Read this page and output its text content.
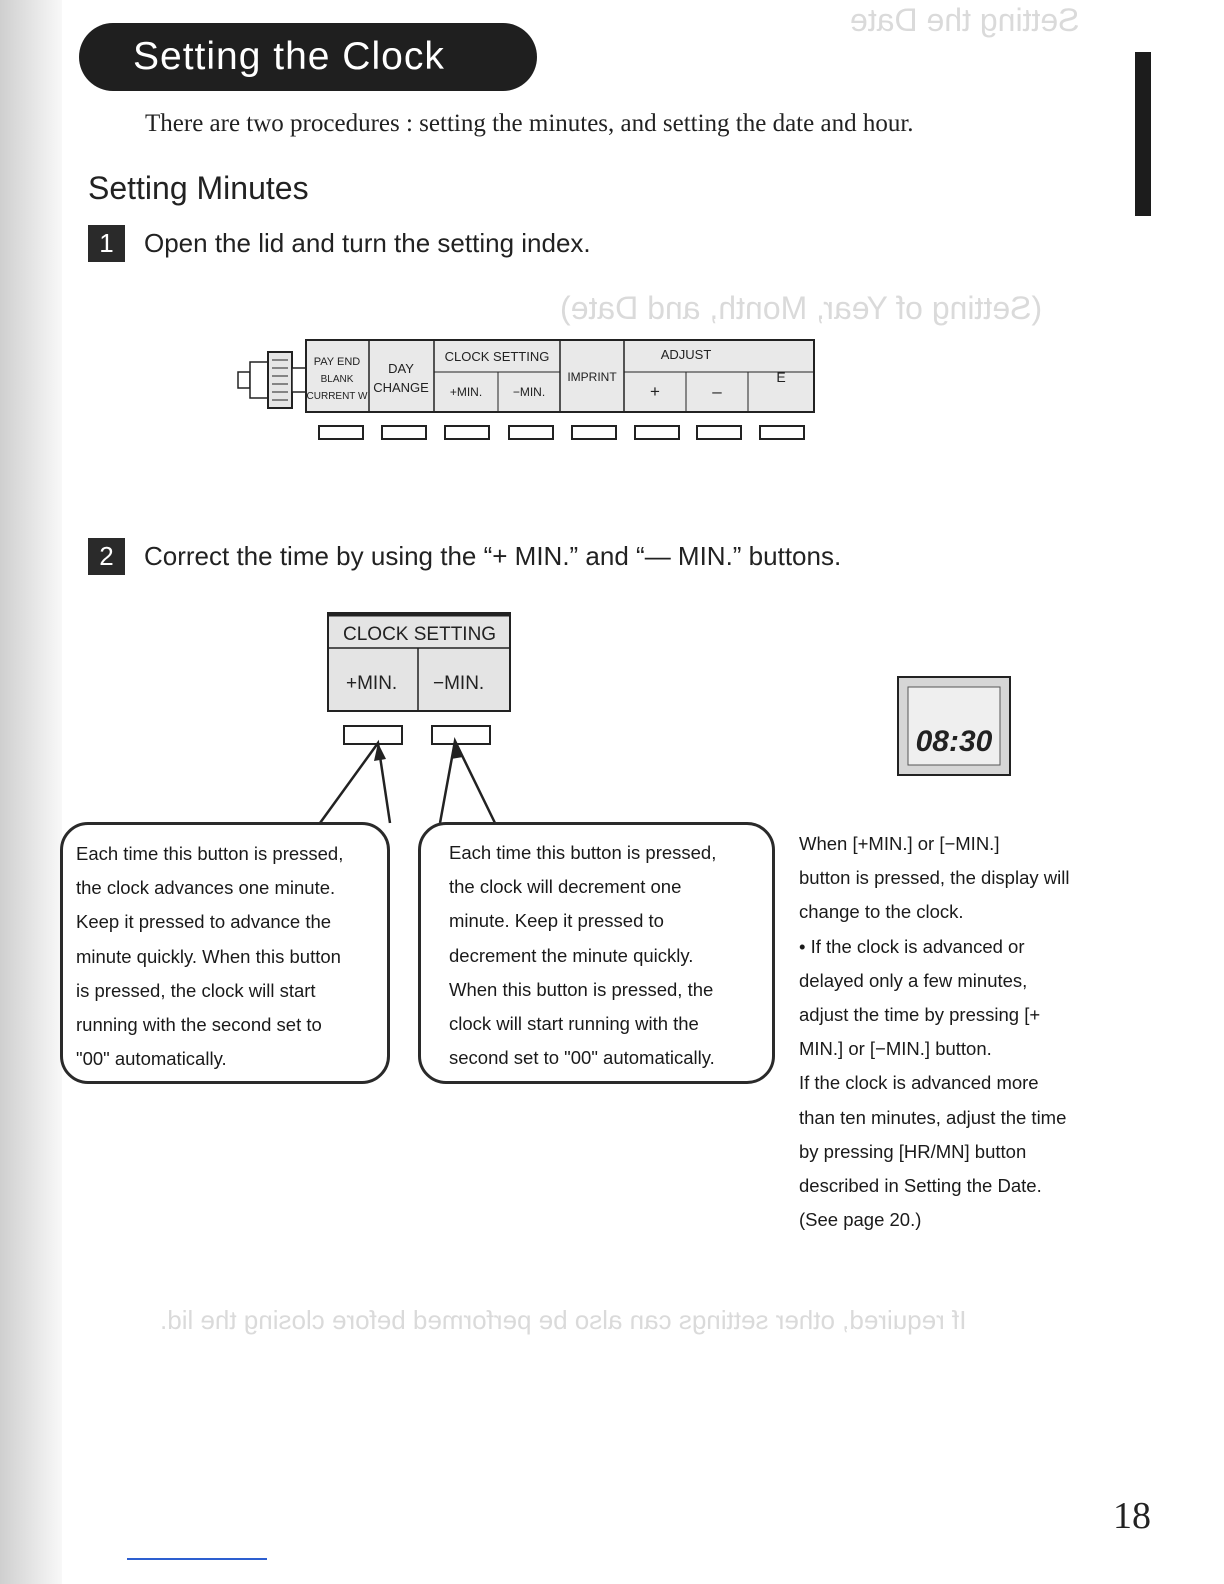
Setting the Date
(Setting of Year, Month, and Date)
If required, other settings can also be performed before closing the lid.
Setting the Clock
There are two procedures : setting the minutes, and setting the date and hour.
Setting Minutes
1	Open the lid and turn the setting index.
PAY END
BLANK
CURRENT W
DAY
CHANGE
CLOCK SETTING
+MIN.	−MIN.
IMPRINT
ADJUST
+	–
E
2	Correct the time by using the “+ MIN.” and “— MIN.” buttons.
CLOCK SETTING
+MIN. −MIN.
08:30
Each time this button is pressed,
the clock advances one minute.
Keep it pressed to advance the
minute quickly. When this button
is pressed, the clock will start
running with the second set to
"00" automatically.
Each time this button is pressed,
the clock will decrement one
minute. Keep it pressed to
decrement the minute quickly.
When this button is pressed, the
clock will start running with the
second set to "00" automatically.

When [+MIN.] or [−MIN.]

button is pressed, the display will

change to the clock.

• If the clock is advanced or

delayed only a few minutes,

adjust the time by pressing [+

MIN.] or [−MIN.] button.

If the clock is advanced more

than ten minutes, adjust the time

by pressing [HR/MN] button

described in Setting the Date.

(See page 20.)

18
